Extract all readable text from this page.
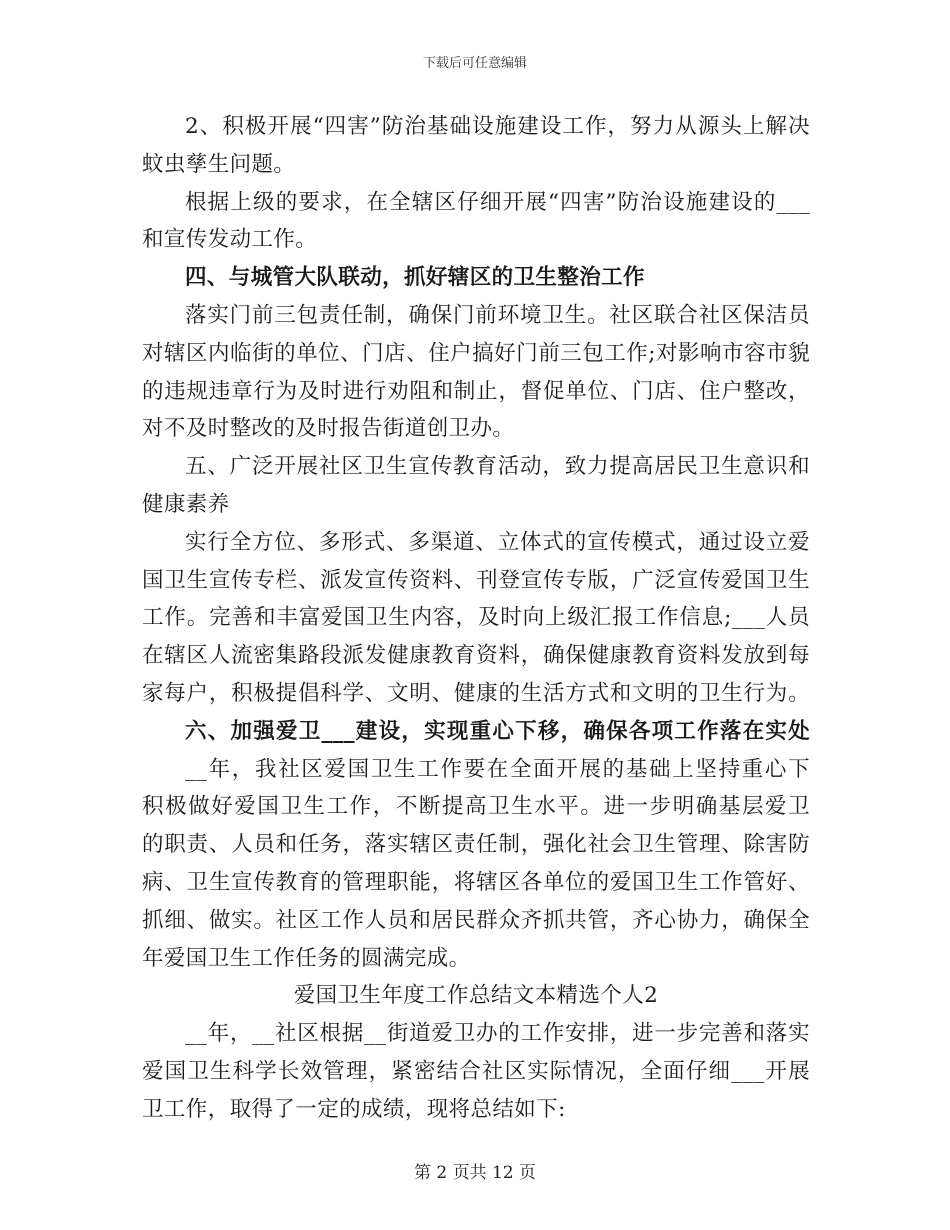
下载后可任意编辑
2、积极开展“四害”防治基础设施建设工作，努力从源头上解决
蚊虫孳生问题。
根据上级的要求，在全辖区仔细开展“四害”防治设施建设的___
和宣传发动工作。
四、与城管大队联动，抓好辖区的卫生整治工作
落实门前三包责任制，确保门前环境卫生。社区联合社区保洁员
对辖区内临街的单位、门店、住户搞好门前三包工作;对影响市容市貌
的违规违章行为及时进行劝阻和制止，督促单位、门店、住户整改，
对不及时整改的及时报告街道创卫办。
五、广泛开展社区卫生宣传教育活动，致力提高居民卫生意识和
健康素养
实行全方位、多形式、多渠道、立体式的宣传模式，通过设立爱
国卫生宣传专栏、派发宣传资料、刊登宣传专版，广泛宣传爱国卫生
工作。完善和丰富爱国卫生内容，及时向上级汇报工作信息;___人员
在辖区人流密集路段派发健康教育资料，确保健康教育资料发放到每
家每户，积极提倡科学、文明、健康的生活方式和文明的卫生行为。
六、加强爱卫___建设，实现重心下移，确保各项工作落在实处
__年，我社区爱国卫生工作要在全面开展的基础上坚持重心下
积极做好爱国卫生工作，不断提高卫生水平。进一步明确基层爱卫
的职责、人员和任务，落实辖区责任制，强化社会卫生管理、除害防
病、卫生宣传教育的管理职能，将辖区各单位的爱国卫生工作管好、
抓细、做实。社区工作人员和居民群众齐抓共管，齐心协力，确保全
年爱国卫生工作任务的圆满完成。
爱国卫生年度工作总结文本精选个人2
__年，__社区根据__街道爱卫办的工作安排，进一步完善和落实
爱国卫生科学长效管理，紧密结合社区实际情况，全面仔细___开展
卫工作，取得了一定的成绩，现将总结如下:
第 2 页共 12 页
